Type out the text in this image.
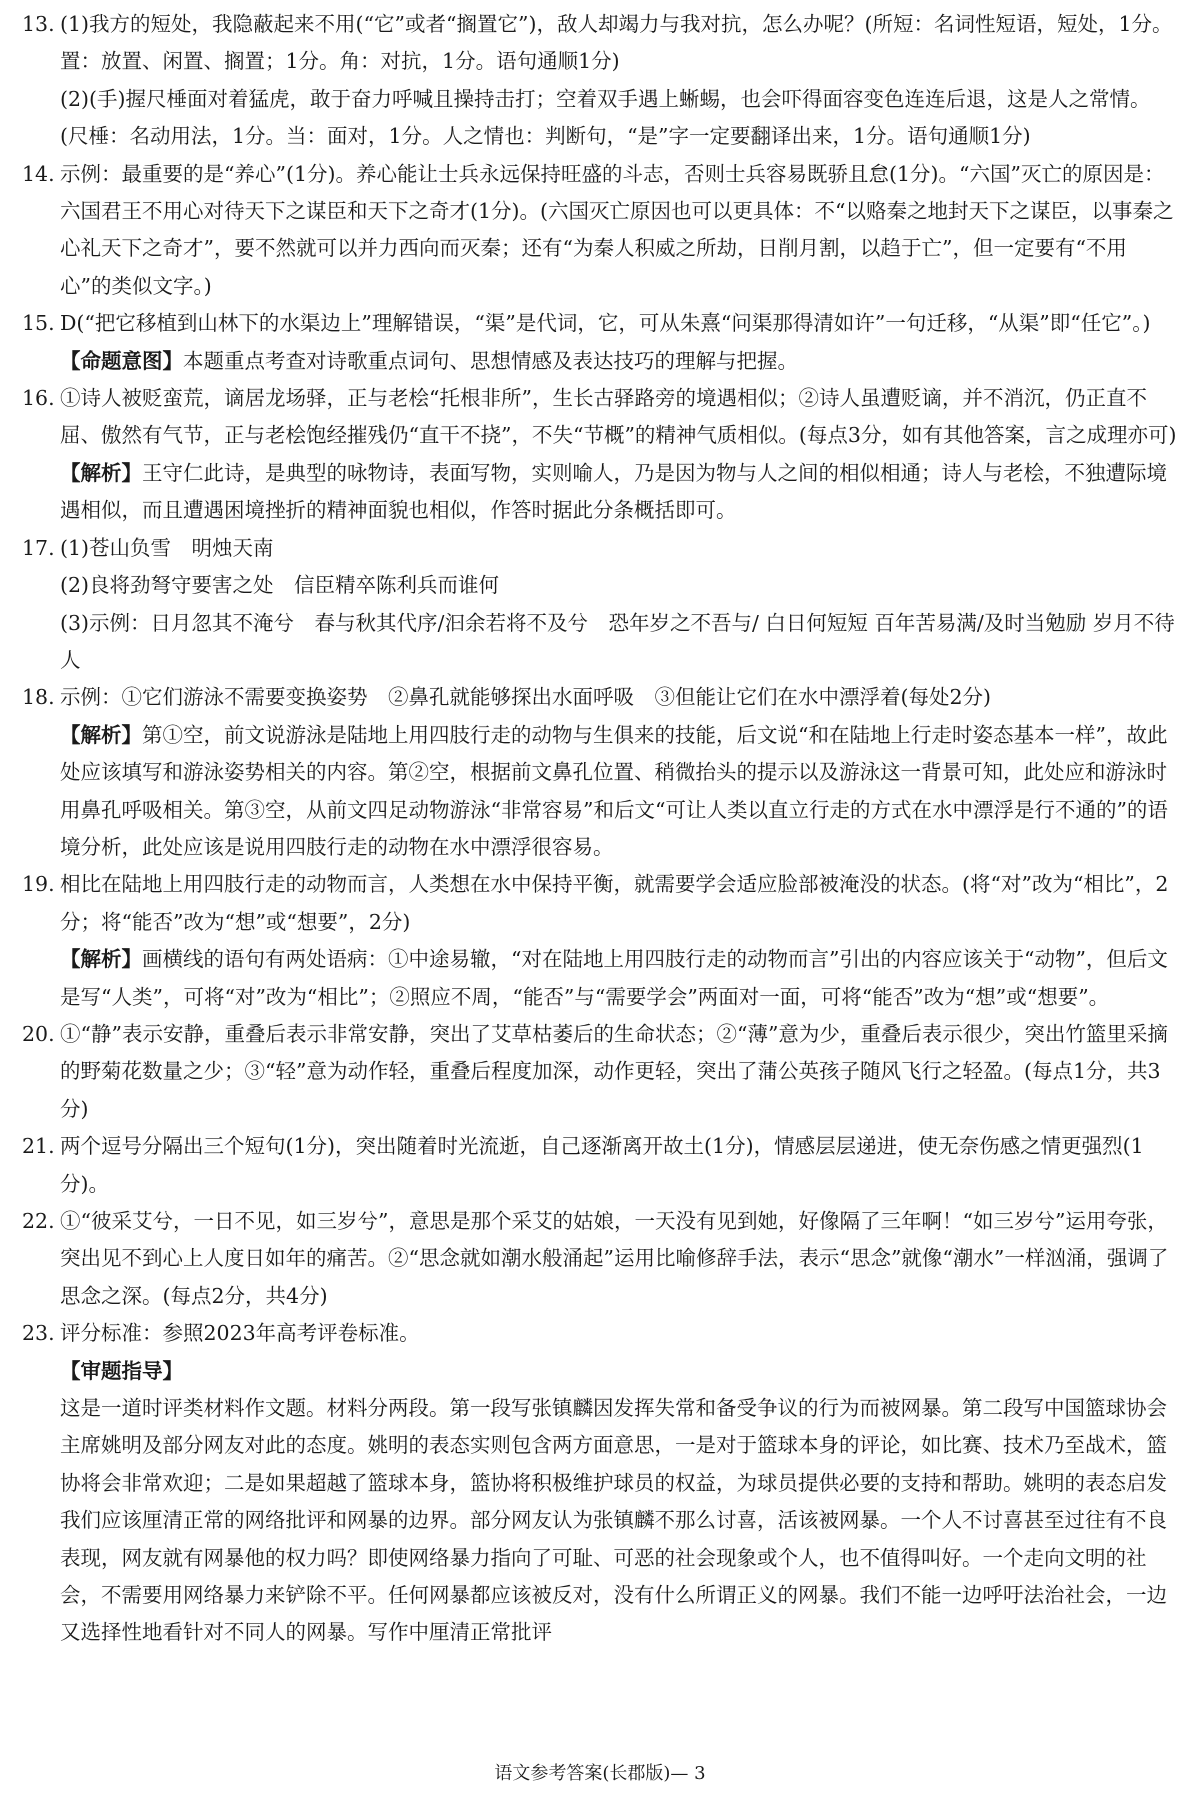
13. (1)我方的短处，我隐蔽起来不用(“它”或者“搁置它”)，敌人却竭力与我对抗，怎么办呢？(所短：名词性短语，短处，1分。置：放置、闲置、搁置；1分。角：对抗，1分。语句通顺1分)
(2)(手)握尺棰面对着猛虎，敢于奋力呼喊且操持击打；空着双手遇上蜥蜴，也会吓得面容变色连连后退，这是人之常情。(尺棰：名动用法，1分。当：面对，1分。人之情也：判断句，“是”字一定要翻译出来，1分。语句通顺1分)
14. 示例：最重要的是“养心”(1分)。养心能让士兵永远保持旺盛的斗志，否则士兵容易既骄且怠(1分)。“六国”灭亡的原因是：六国君王不用心对待天下之谋臣和天下之奇才(1分)。(六国灭亡原因也可以更具体：不“以赂秦之地封天下之谋臣，以事秦之心礼天下之奇才”，要不然就可以并力西向而灭秦；还有“为秦人积威之所劫，日削月割，以趋于亡”，但一定要有“不用心”的类似文字。)
15. D(“把它移植到山林下的水渠边上”理解错误，“渠”是代词，它，可从朱熹“问渠那得清如许”一句迁移，“从渠”即“任它”。)
【命题意图】本题重点考查对诗歌重点词句、思想情感及表达技巧的理解与把握。
16. ①诗人被贬蛮荒，谪居龙场驿，正与老桧“托根非所”，生长古驿路旁的境遇相似；②诗人虽遭贬谪，并不消沉，仍正直不屈、傲然有气节，正与老桧饱经摧残仍“直干不挠”，不失“节概”的精神气质相似。(每点3分，如有其他答案，言之成理亦可)
【解析】王守仁此诗，是典型的咏物诗，表面写物，实则喻人，乃是因为物与人之间的相似相通；诗人与老桧，不独遭际境遇相似，而且遭遇困境挫折的精神面貌也相似，作答时据此分条概括即可。
17. (1)苍山负雪　明烛天南
(2)良将劲弩守要害之处　信臣精卒陈利兵而谁何
(3)示例：日月忽其不淹兮　春与秋其代序/汩余若将不及兮　恐年岁之不吾与/ 白日何短短 百年苦易满/及时当勉励 岁月不待人
18. 示例：①它们游泳不需要变换姿势　②鼻孔就能够探出水面呼吸　③但能让它们在水中漂浮着(每处2分)
【解析】第①空，前文说游泳是陆地上用四肢行走的动物与生俱来的技能，后文说“和在陆地上行走时姿态基本一样”，故此处应该填写和游泳姿势相关的内容。第②空，根据前文鼻孔位置、稍微抬头的提示以及游泳这一背景可知，此处应和游泳时用鼻孔呼吸相关。第③空，从前文四足动物游泳“非常容易”和后文“可让人类以直立行走的方式在水中漂浮是行不通的”的语境分析，此处应该是说用四肢行走的动物在水中漂浮很容易。
19. 相比在陆地上用四肢行走的动物而言，人类想在水中保持平衡，就需要学会适应脸部被淹没的状态。(将“对”改为“相比”，2分；将“能否”改为“想”或“想要”，2分)
【解析】画横线的语句有两处语病：①中途易辙，“对在陆地上用四肢行走的动物而言”引出的内容应该关于“动物”，但后文是写“人类”，可将“对”改为“相比”；②照应不周，“能否”与“需要学会”两面对一面，可将“能否”改为“想”或“想要”。
20. ①“静”表示安静，重叠后表示非常安静，突出了艾草枯萎后的生命状态；②“薄”意为少，重叠后表示很少，突出竹篮里采摘的野菊花数量之少；③“轻”意为动作轻，重叠后程度加深，动作更轻，突出了蒲公英孩子随风飞行之轻盈。(每点1分，共3分)
21. 两个逗号分隔出三个短句(1分)，突出随着时光流逝，自己逐渐离开故土(1分)，情感层层递进，使无奈伤感之情更强烈(1分)。
22. ①“彼采艾兮，一日不见，如三岁兮”，意思是那个采艾的姑娘，一天没有见到她，好像隔了三年啊！“如三岁兮”运用夸张，突出见不到心上人度日如年的痛苦。②“思念就如潮水般涌起”运用比喻修辞手法，表示“思念”就像“潮水”一样汹涌，强调了思念之深。(每点2分，共4分)
23. 评分标准：参照2023年高考评卷标准。
【审题指导】
这是一道时评类材料作文题。材料分两段。第一段写张镇麟因发挥失常和备受争议的行为而被网暴。第二段写中国篮球协会主席姚明及部分网友对此的态度。姚明的表态实则包含两方面意思，一是对于篮球本身的评论，如比赛、技术乃至战术，篮协将会非常欢迎；二是如果超越了篮球本身，篮协将积极维护球员的权益，为球员提供必要的支持和帮助。姚明的表态启发我们应该厘清正常的网络批评和网暴的边界。部分网友认为张镇麟不那么讨喜，活该被网暴。一个人不讨喜甚至过往有不良表现，网友就有网暴他的权力吗？即使网络暴力指向了可耻、可恶的社会现象或个人，也不值得叫好。一个走向文明的社会，不需要用网络暴力来铲除不平。任何网暴都应该被反对，没有什么所谓正义的网暴。我们不能一边呼吁法治社会，一边又选择性地看针对不同人的网暴。写作中厘清正常批评
语文参考答案(长郡版)— 3
